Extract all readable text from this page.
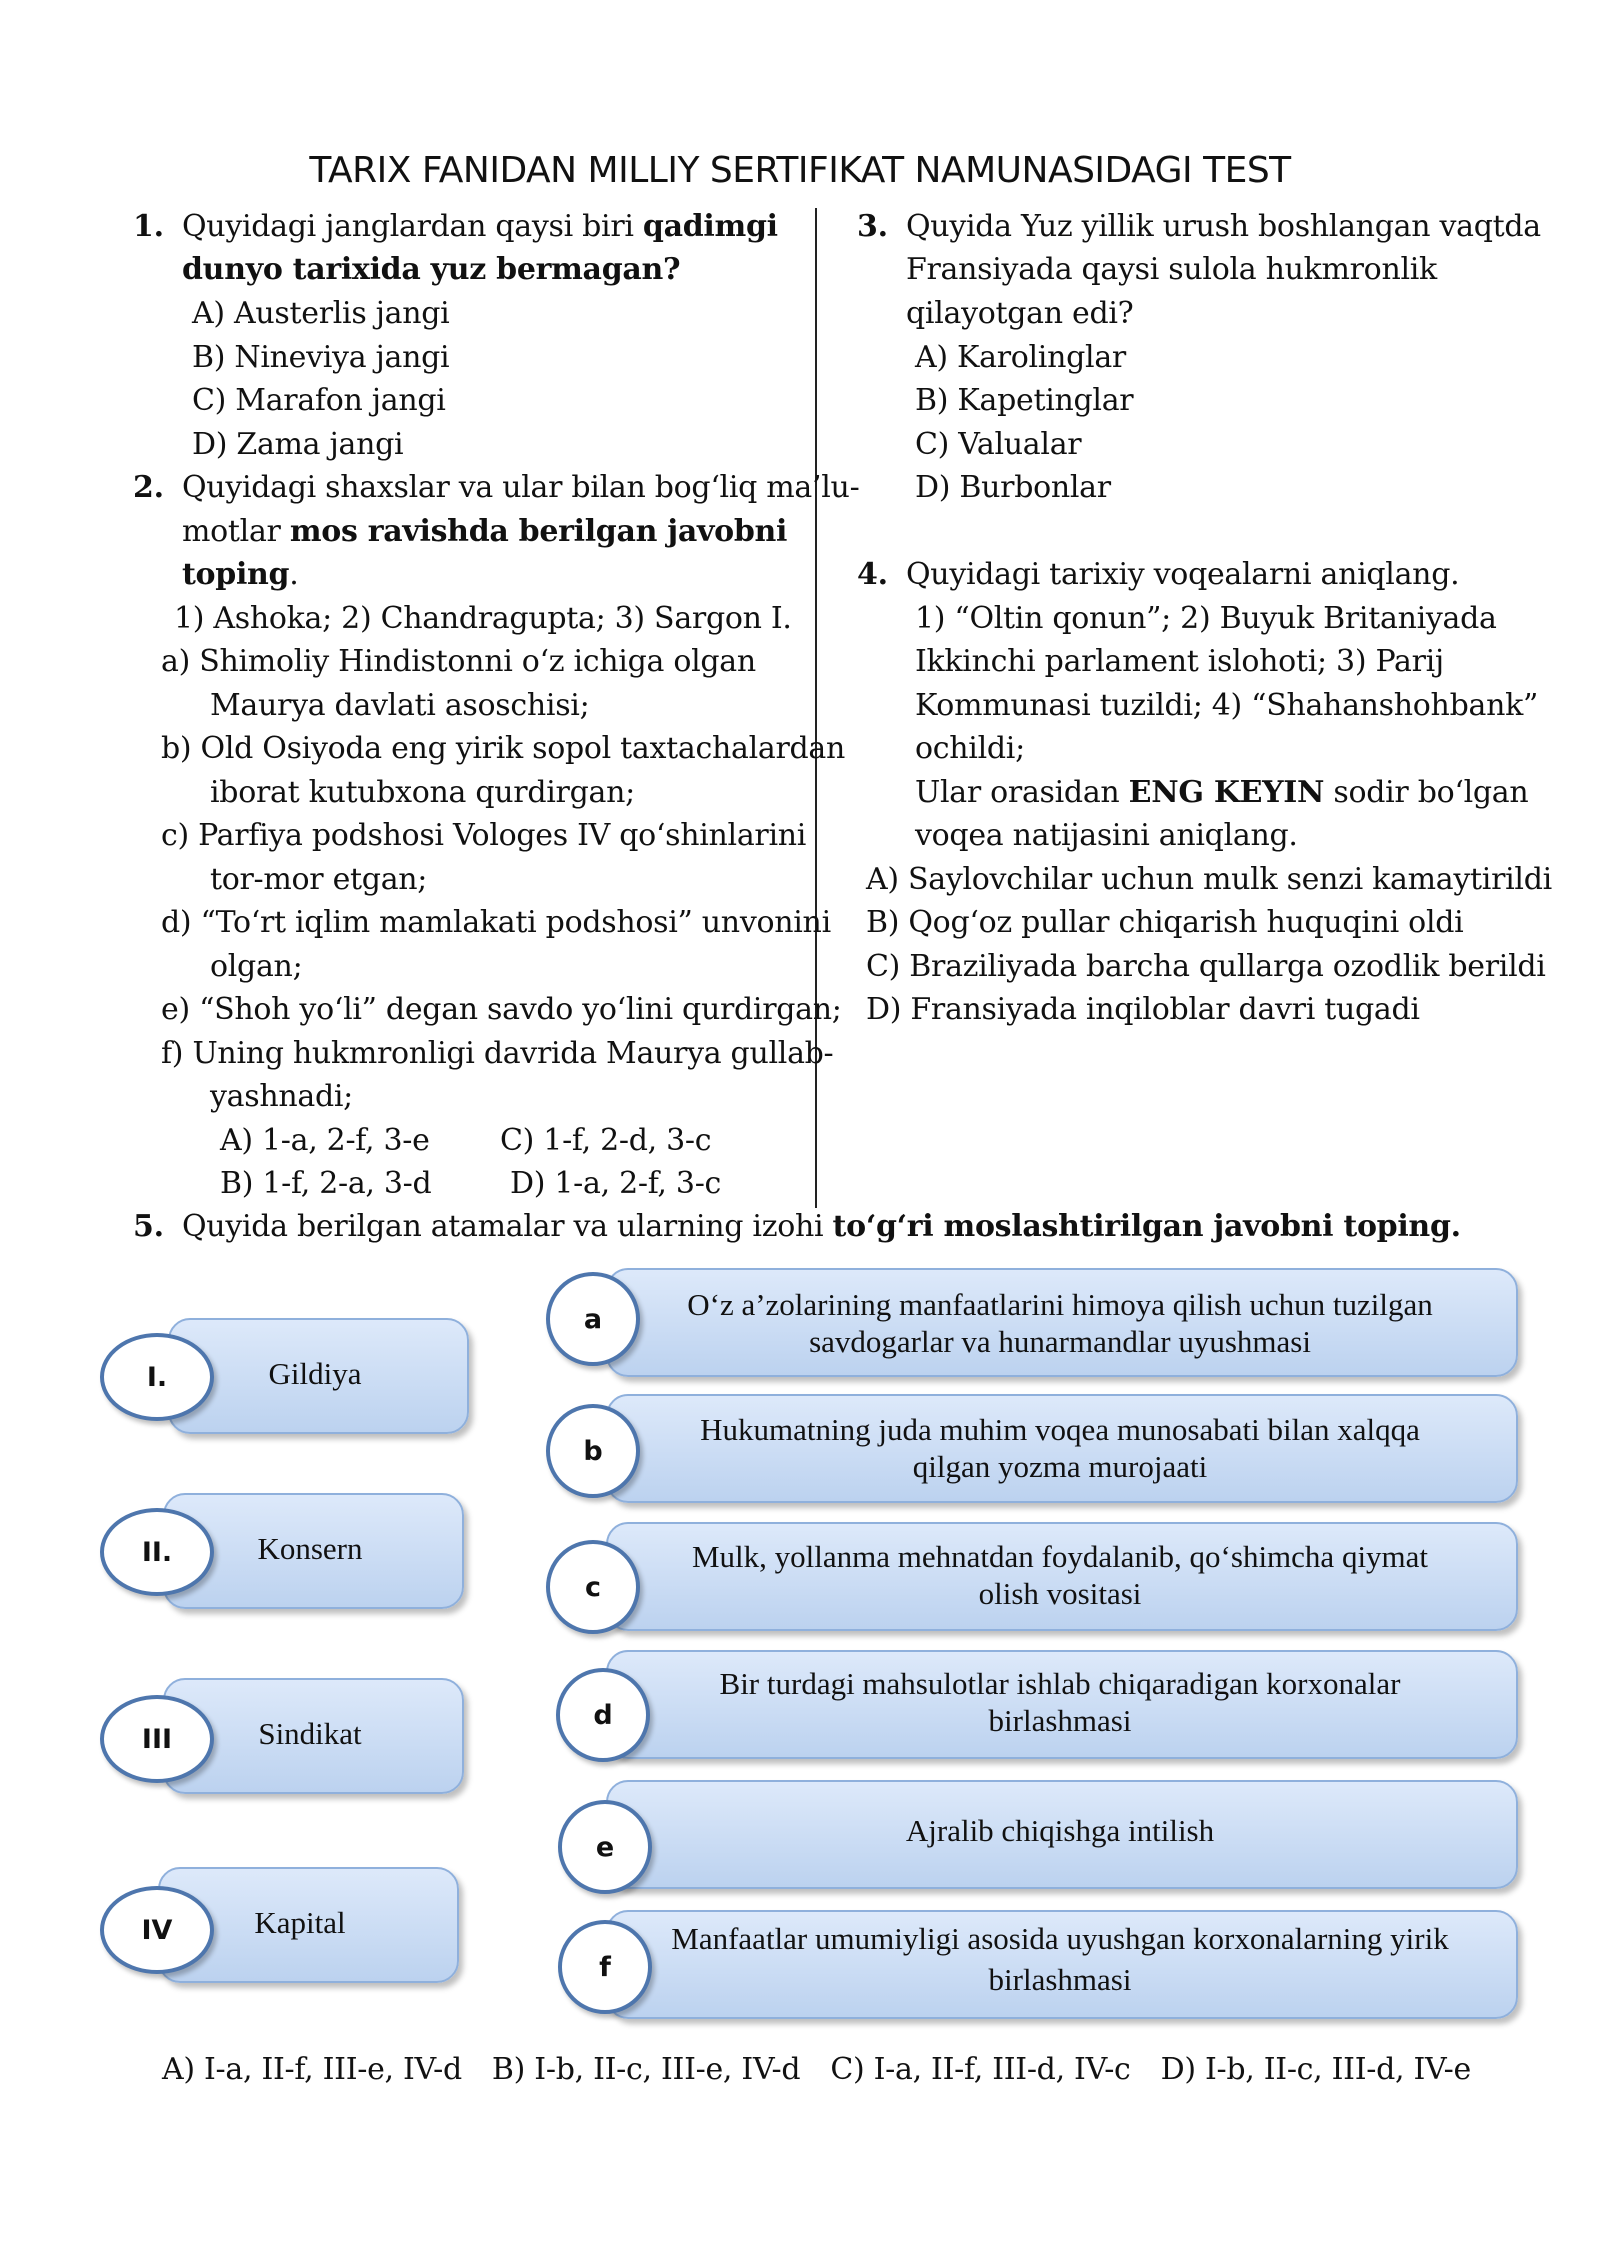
TARIX FANIDAN MILLIY SERTIFIKAT NAMUNASIDAGI TEST
1. Quyidagi janglardan qaysi biri qadimgi
dunyo tarixida yuz bermagan?
A) Austerlis jangi
B) Nineviya jangi
C) Marafon jangi
D) Zama jangi
2. Quyidagi shaxslar va ular bilan bog‘liq ma’lu-
motlar mos ravishda berilgan javobni
toping.
1) Ashoka; 2) Chandragupta; 3) Sargon I.
a) Shimoliy Hindistonni o‘z ichiga olgan
Maurya davlati asoschisi;
b) Old Osiyoda eng yirik sopol taxtachalardan
iborat kutubxona qurdirgan;
c) Parfiya podshosi Vologes IV qo‘shinlarini
tor-mor etgan;
d) “To‘rt iqlim mamlakati podshosi” unvonini
olgan;
e) “Shoh yo‘li” degan savdo yo‘lini qurdirgan;
f) Uning hukmronligi davrida Maurya gullab-
yashnadi;
A) 1-a, 2-f, 3-e C) 1-f, 2-d, 3-c
B) 1-f, 2-a, 3-d	D) 1-a, 2-f, 3-c
3. Quyida Yuz yillik urush boshlangan vaqtda
Fransiyada qaysi sulola hukmronlik
qilayotgan edi?
A) Karolinglar
B) Kapetinglar
C) Valualar
D) Burbonlar
4. Quyidagi tarixiy voqealarni aniqlang.
1) “Oltin qonun”; 2) Buyuk Britaniyada
Ikkinchi parlament islohoti; 3) Parij
Kommunasi tuzildi; 4) “Shahanshohbank”
ochildi;
Ular orasidan ENG KEYIN sodir bo‘lgan
voqea natijasini aniqlang.
A) Saylovchilar uchun mulk senzi kamaytirildi
B) Qog‘oz pullar chiqarish huquqini oldi
C) Braziliyada barcha qullarga ozodlik berildi
D) Fransiyada inqiloblar davri tugadi
5. Quyida berilgan atamalar va ularning izohi to‘g‘ri moslashtirilgan javobni toping.
Gildiya
I.
Konsern
II.
Sindikat
III
Kapital
IV
O‘z a’zolarining manfaatlarini himoya qilish uchun tuzilgan
savdogarlar va hunarmandlar uyushmasi
a
Hukumatning juda muhim voqea munosabati bilan xalqqa
qilgan yozma murojaati
b
Mulk, yollanma mehnatdan foydalanib, qo‘shimcha qiymat
olish vositasi
c
Bir turdagi mahsulotlar ishlab chiqaradigan korxonalar
birlashmasi
d
Ajralib chiqishga intilish
e
Manfaatlar umumiyligi asosida uyushgan korxonalarning yirik
birlashmasi
f
A) I-a, II-f, III-e, IV-d B) I-b, II-c, III-e, IV-d C) I-a, II-f, III-d, IV-c D) I-b, II-c, III-d, IV-e
